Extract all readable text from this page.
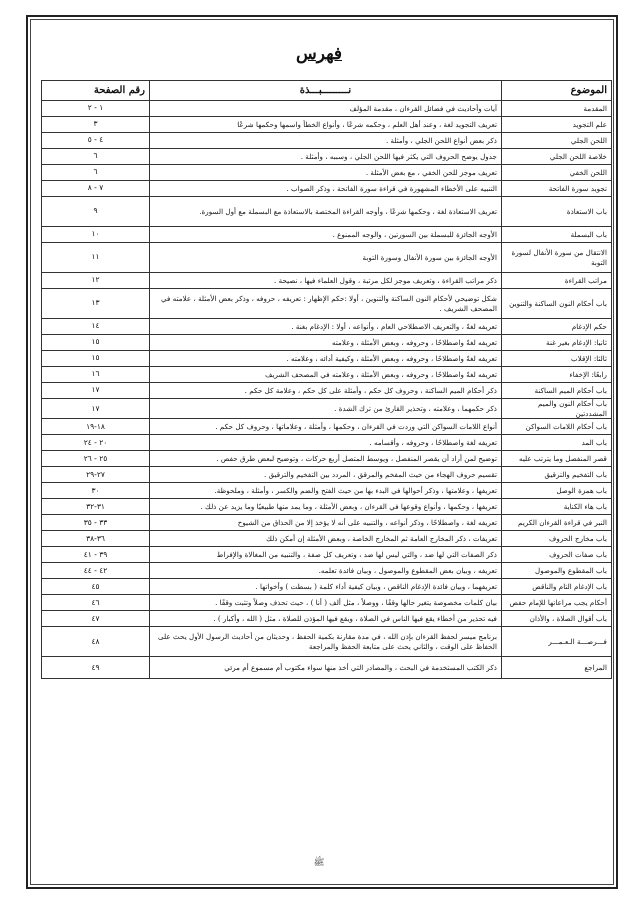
فهرس
الموضوع	نـــــــــبـــذة	رقم الصفحة
المقدمة	آيات وأحاديث في فضائل القرءان ، مقدمة المؤلف	١ - ٢
علم التجويد	تعريف التجويد لغة ، وعند أهل العلم ، وحكمه شرعًا ، وأنواع الخطأ واسمها وحكمها شرعًا	٣
اللحن الجلي	ذكر بعض أنواع اللحن الجلي ، وأمثلة .	٤ - ٥
خلاصة اللحن الجلي	جدول يوضح الحروف التي يكثر فيها اللحن الجلي ، وسببه ، وأمثلة .	٦
اللحن الخفي	تعريف موجز للحن الخفي ، مع بعض الأمثلة .	٦
تجويد سورة الفاتحة	التنبيه على الأخطاء المشهورة في قراءة سورة الفاتحة ، وذكر الصواب .	٧ - ٨
باب الاستعاذة	تعريف الاستعاذة لغة ، وحكمها شرعًا ، وأوجه القراءة المختصة بالاستعاذة مع البسملة مع أول السورة.	٩
باب البسملة	الأوجه الجائزة للبسملة بين السورتين ، والوجه الممنوع .	١٠
الانتقال من سورة الأنفال لسورة التوبة	الأوجه الجائزة بين سورة الأنفال وسورة التوبة	١١
مراتب القراءة	ذكر مراتب القراءة ، وتعريف موجز لكل مرتبة ، وقول العلماء فيها ، نصيحة .	١٢
باب أحكام النون الساكنة والتنوين	شكل توضيحي لأحكام النون الساكنة والتنوين ، أولا :حكم الإظهار : تعريفه ، حروفه ، وذكر بعض الأمثلة ، علامته في المصحف الشريف .	١٣
حكم الإدغام	تعريفه لغةً ، والتعريف الاصطلاحي العام ، وأنواعه ، أولا : الإدغام بغنة .	١٤
ثانيا: الإدغام بغير غنة	تعريفه لغةً واصطلاحًا ، وحروفه ، وبعض الأمثلة ، وعلامته	١٥
ثالثا: الإقلاب	تعريفه لغةً واصطلاحًا ، وحروفه ، وبعض الأمثلة ، وكيفية أدائه ، وعلامته .	١٥
رابعًا: الإخفاء	تعريفه لغةً واصطلاحًا ، وحروفه ، وبعض الأمثلة ، وعلامته في المصحف الشريف	١٦
باب أحكام الميم الساكنة	ذكر أحكام الميم الساكنة ، وحروف كل حكم ، وأمثلة على كل حكم ، وعلامة كل حكم .	١٧
باب أحكام النون والميم المشددتين	ذكر حكمهما ، وعلامته ، وتحذير القارئ من ترك الشدة .	١٧
باب أحكام اللامات السواكن	أنواع اللامات السواكن التي وردت في القرءان ، وحكمها ، وأمثلة ، وعلاماتها ، وحروف كل حكم .	١٨-١٩
باب المد	تعريفه لغة واصطلاحًا ، وحروفه ، وأقسامه .	٢٠ - ٢٤
قصر المنفصل وما يترتب عليه	توضيح لمن أراد أن يقصر المنفصل ، ويوسط المتصل أربع حركات ، وتوضيح لبعض طرق حفص .	٢٥ - ٢٦
باب التفخيم والترقيق	تقسيم حروف الهجاء من حيث المفخم والمرقق ، المردد بين التفخيم والترقيق .	٢٧-٢٩
باب همزة الوصل	تعريفها ، وعلامتها ، وذكر أحوالها في البدء بها من حيث الفتح والضم والكسر ، وأمثلة ، وملحوظة.	٣٠
باب هاء الكناية	تعريفها ، وحكمها ، وأنواع وقوعها في القرءان ، وبعض الأمثلة ، وما يمد منها طبيعيًا وما يزيد عن ذلك .	٣١-٣٢
النبر في قراءة القرءان الكريم	تعريفه لغة ، واصطلاحًا ، وذكر أنواعه ، والتنبيه على أنه لا يؤخذ إلا من الحذاق من الشيوخ	٣٣ - ٣٥
باب مخارج الحروف	تعريفات ، ذكر المخارج العامة ثم المخارج الخاصة ، وبعض الأمثلة إن أمكن ذلك	٣٦-٣٨
باب صفات الحروف	ذكر الصفات التي لها ضد ، والتي ليس لها ضد ، وتعريف كل صفة ، والتنبيه من المغالاة والإفراط	٣٩ - ٤١
باب المقطوع والموصول	تعريفه ، وبيان بعض المقطوع والموصول ، وبيان فائدة تعلمه.	٤٢ - ٤٤
باب الإدغام التام والناقص	تعريفهما ، وبيان فائدة الإدغام الناقص ، وبيان كيفية أداء كلمة ( بسطت ) وأخواتها .	٤٥
أحكام يجب مراعاتها للإمام حفص	بيان كلمات مخصوصة يتغير حالها وقفًا ، ووصلاً ، مثل ألف ( أنا ) ، حيث تحذف وصلاً وتثبت وقفًا .	٤٦
باب أقوال الصلاة ، والأذان	فيه تحذير من أخطاء يقع فيها الناس في الصلاة ، ويقع فيها المؤذن للصلاة ، مثل ( الله ، وأكبار ) .	٤٧
فـــرصـــة الـعـمـــر	برنامج ميسر لحفظ القرءان بإذن الله ، في مدة مقارنة بكمية الحفظ ، وحديثان من أحاديث الرسول الأول يحث على الحفاظ على الوقت ، والثاني يحث على متابعة الحفظ والمراجعة	٤٨
المراجع	ذكر الكتب المستخدمة في البحث ، والمصادر التي أخذ منها سواء مكتوب أم مسموع أم مرئي	٤٩
ﷺ
